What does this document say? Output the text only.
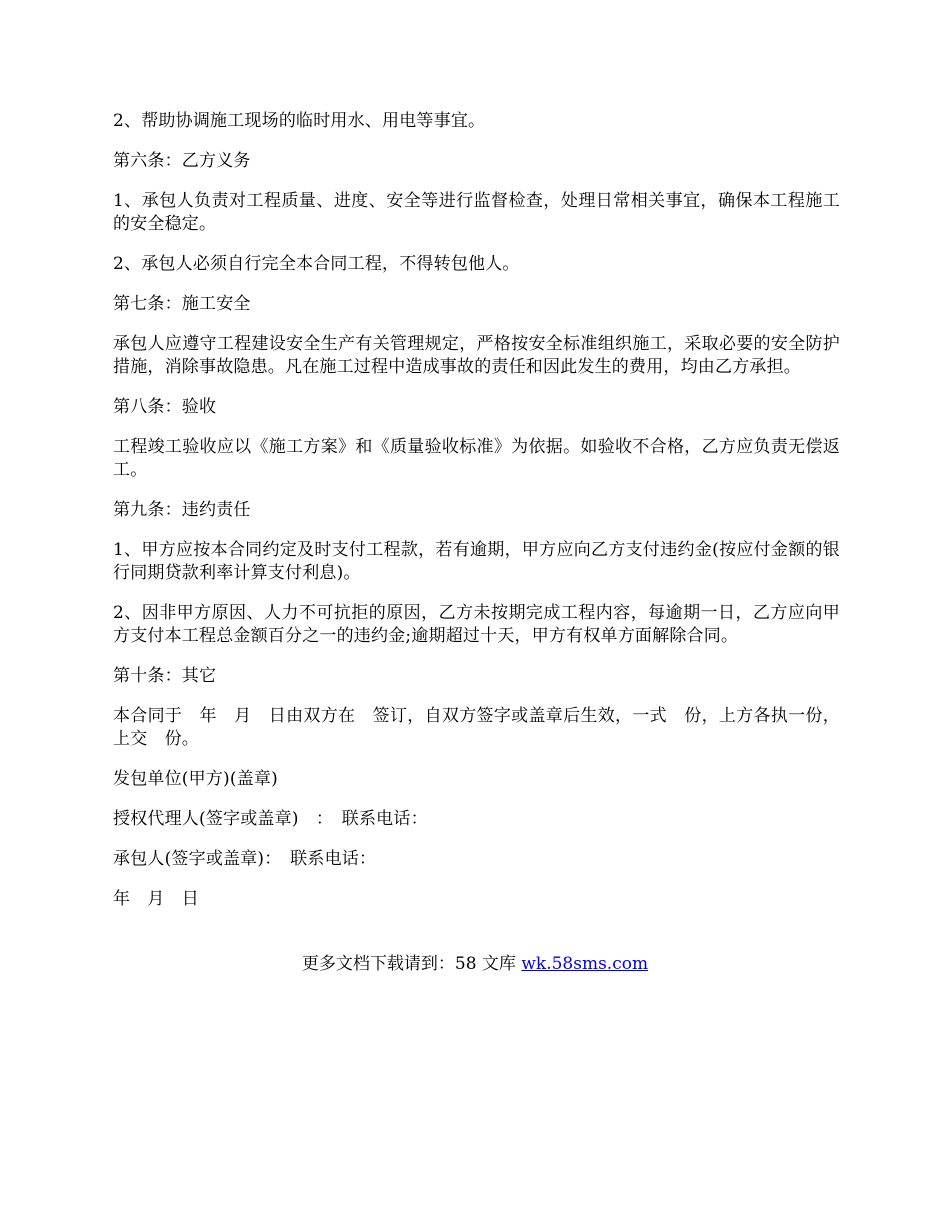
2、帮助协调施工现场的临时用水、用电等事宜。

第六条：乙方义务

1、承包人负责对工程质量、进度、安全等进行监督检查，处理日常相关事宜，确保本工程施工的安全稳定。

2、承包人必须自行完全本合同工程，不得转包他人。

第七条：施工安全

承包人应遵守工程建设安全生产有关管理规定，严格按安全标准组织施工，采取必要的安全防护措施，消除事故隐患。凡在施工过程中造成事故的责任和因此发生的费用，均由乙方承担。

第八条：验收

工程竣工验收应以《施工方案》和《质量验收标准》为依据。如验收不合格，乙方应负责无偿返工。

第九条：违约责任

1、甲方应按本合同约定及时支付工程款，若有逾期，甲方应向乙方支付违约金(按应付金额的银行同期贷款利率计算支付利息)。

2、因非甲方原因、人力不可抗拒的原因，乙方未按期完成工程内容，每逾期一日，乙方应向甲方支付本工程总金额百分之一的违约金;逾期超过十天，甲方有权单方面解除合同。

第十条：其它

本合同于　年　月　日由双方在　签订，自双方签字或盖章后生效，一式　份，上方各执一份，上交　份。

发包单位(甲方)(盖章)

授权代理人(签字或盖章)　：　联系电话：

承包人(签字或盖章)：　联系电话：

年　月　日

更多文档下载请到：58 文库 wk.58sms.com
